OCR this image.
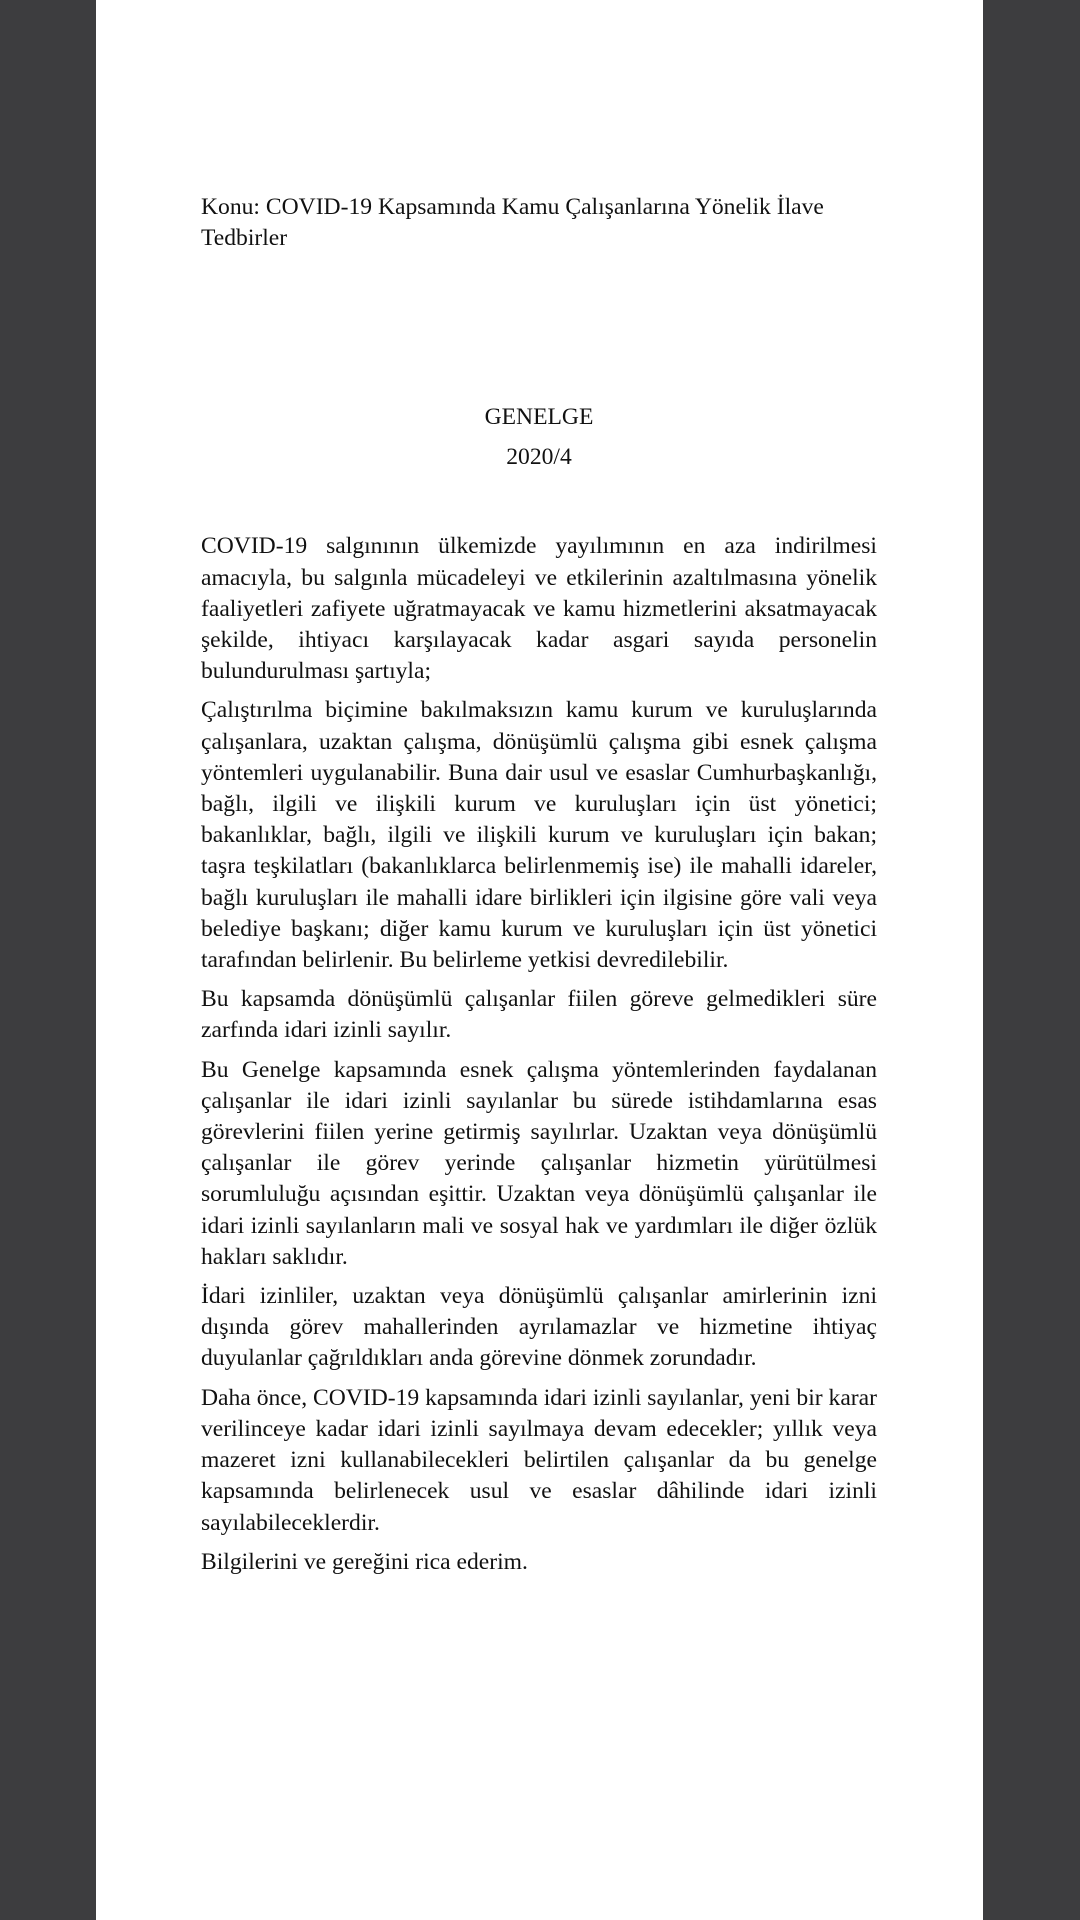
Konu: COVID-19 Kapsamında Kamu Çalışanlarına Yönelik İlave Tedbirler

GENELGE
2020/4

COVID-19 salgınının ülkemizde yayılımının en aza indirilmesi amacıyla, bu salgınla mücadeleyi ve etkilerinin azaltılmasına yönelik faaliyetleri zafiyete uğratmayacak ve kamu hizmetlerini aksatmayacak şekilde, ihtiyacı karşılayacak kadar asgari sayıda personelin bulundurulması şartıyla;

Çalıştırılma biçimine bakılmaksızın kamu kurum ve kuruluşlarında çalışanlara, uzaktan çalışma, dönüşümlü çalışma gibi esnek çalışma yöntemleri uygulanabilir. Buna dair usul ve esaslar Cumhurbaşkanlığı, bağlı, ilgili ve ilişkili kurum ve kuruluşları için üst yönetici; bakanlıklar, bağlı, ilgili ve ilişkili kurum ve kuruluşları için bakan; taşra teşkilatları (bakanlıklarca belirlenmemiş ise) ile mahalli idareler, bağlı kuruluşları ile mahalli idare birlikleri için ilgisine göre vali veya belediye başkanı; diğer kamu kurum ve kuruluşları için üst yönetici tarafından belirlenir. Bu belirleme yetkisi devredilebilir.

Bu kapsamda dönüşümlü çalışanlar fiilen göreve gelmedikleri süre zarfında idari izinli sayılır.

Bu Genelge kapsamında esnek çalışma yöntemlerinden faydalanan çalışanlar ile idari izinli sayılanlar bu sürede istihdamlarına esas görevlerini fiilen yerine getirmiş sayılırlar. Uzaktan veya dönüşümlü çalışanlar ile görev yerinde çalışanlar hizmetin yürütülmesi sorumluluğu açısından eşittir. Uzaktan veya dönüşümlü çalışanlar ile idari izinli sayılanların mali ve sosyal hak ve yardımları ile diğer özlük hakları saklıdır.

İdari izinliler, uzaktan veya dönüşümlü çalışanlar amirlerinin izni dışında görev mahallerinden ayrılamazlar ve hizmetine ihtiyaç duyulanlar çağrıldıkları anda görevine dönmek zorundadır.

Daha önce, COVID-19 kapsamında idari izinli sayılanlar, yeni bir karar verilinceye kadar idari izinli sayılmaya devam edecekler; yıllık veya mazeret izni kullanabilecekleri belirtilen çalışanlar da bu genelge kapsamında belirlenecek usul ve esaslar dâhilinde idari izinli sayılabileceklerdir.

Bilgilerini ve gereğini rica ederim.
